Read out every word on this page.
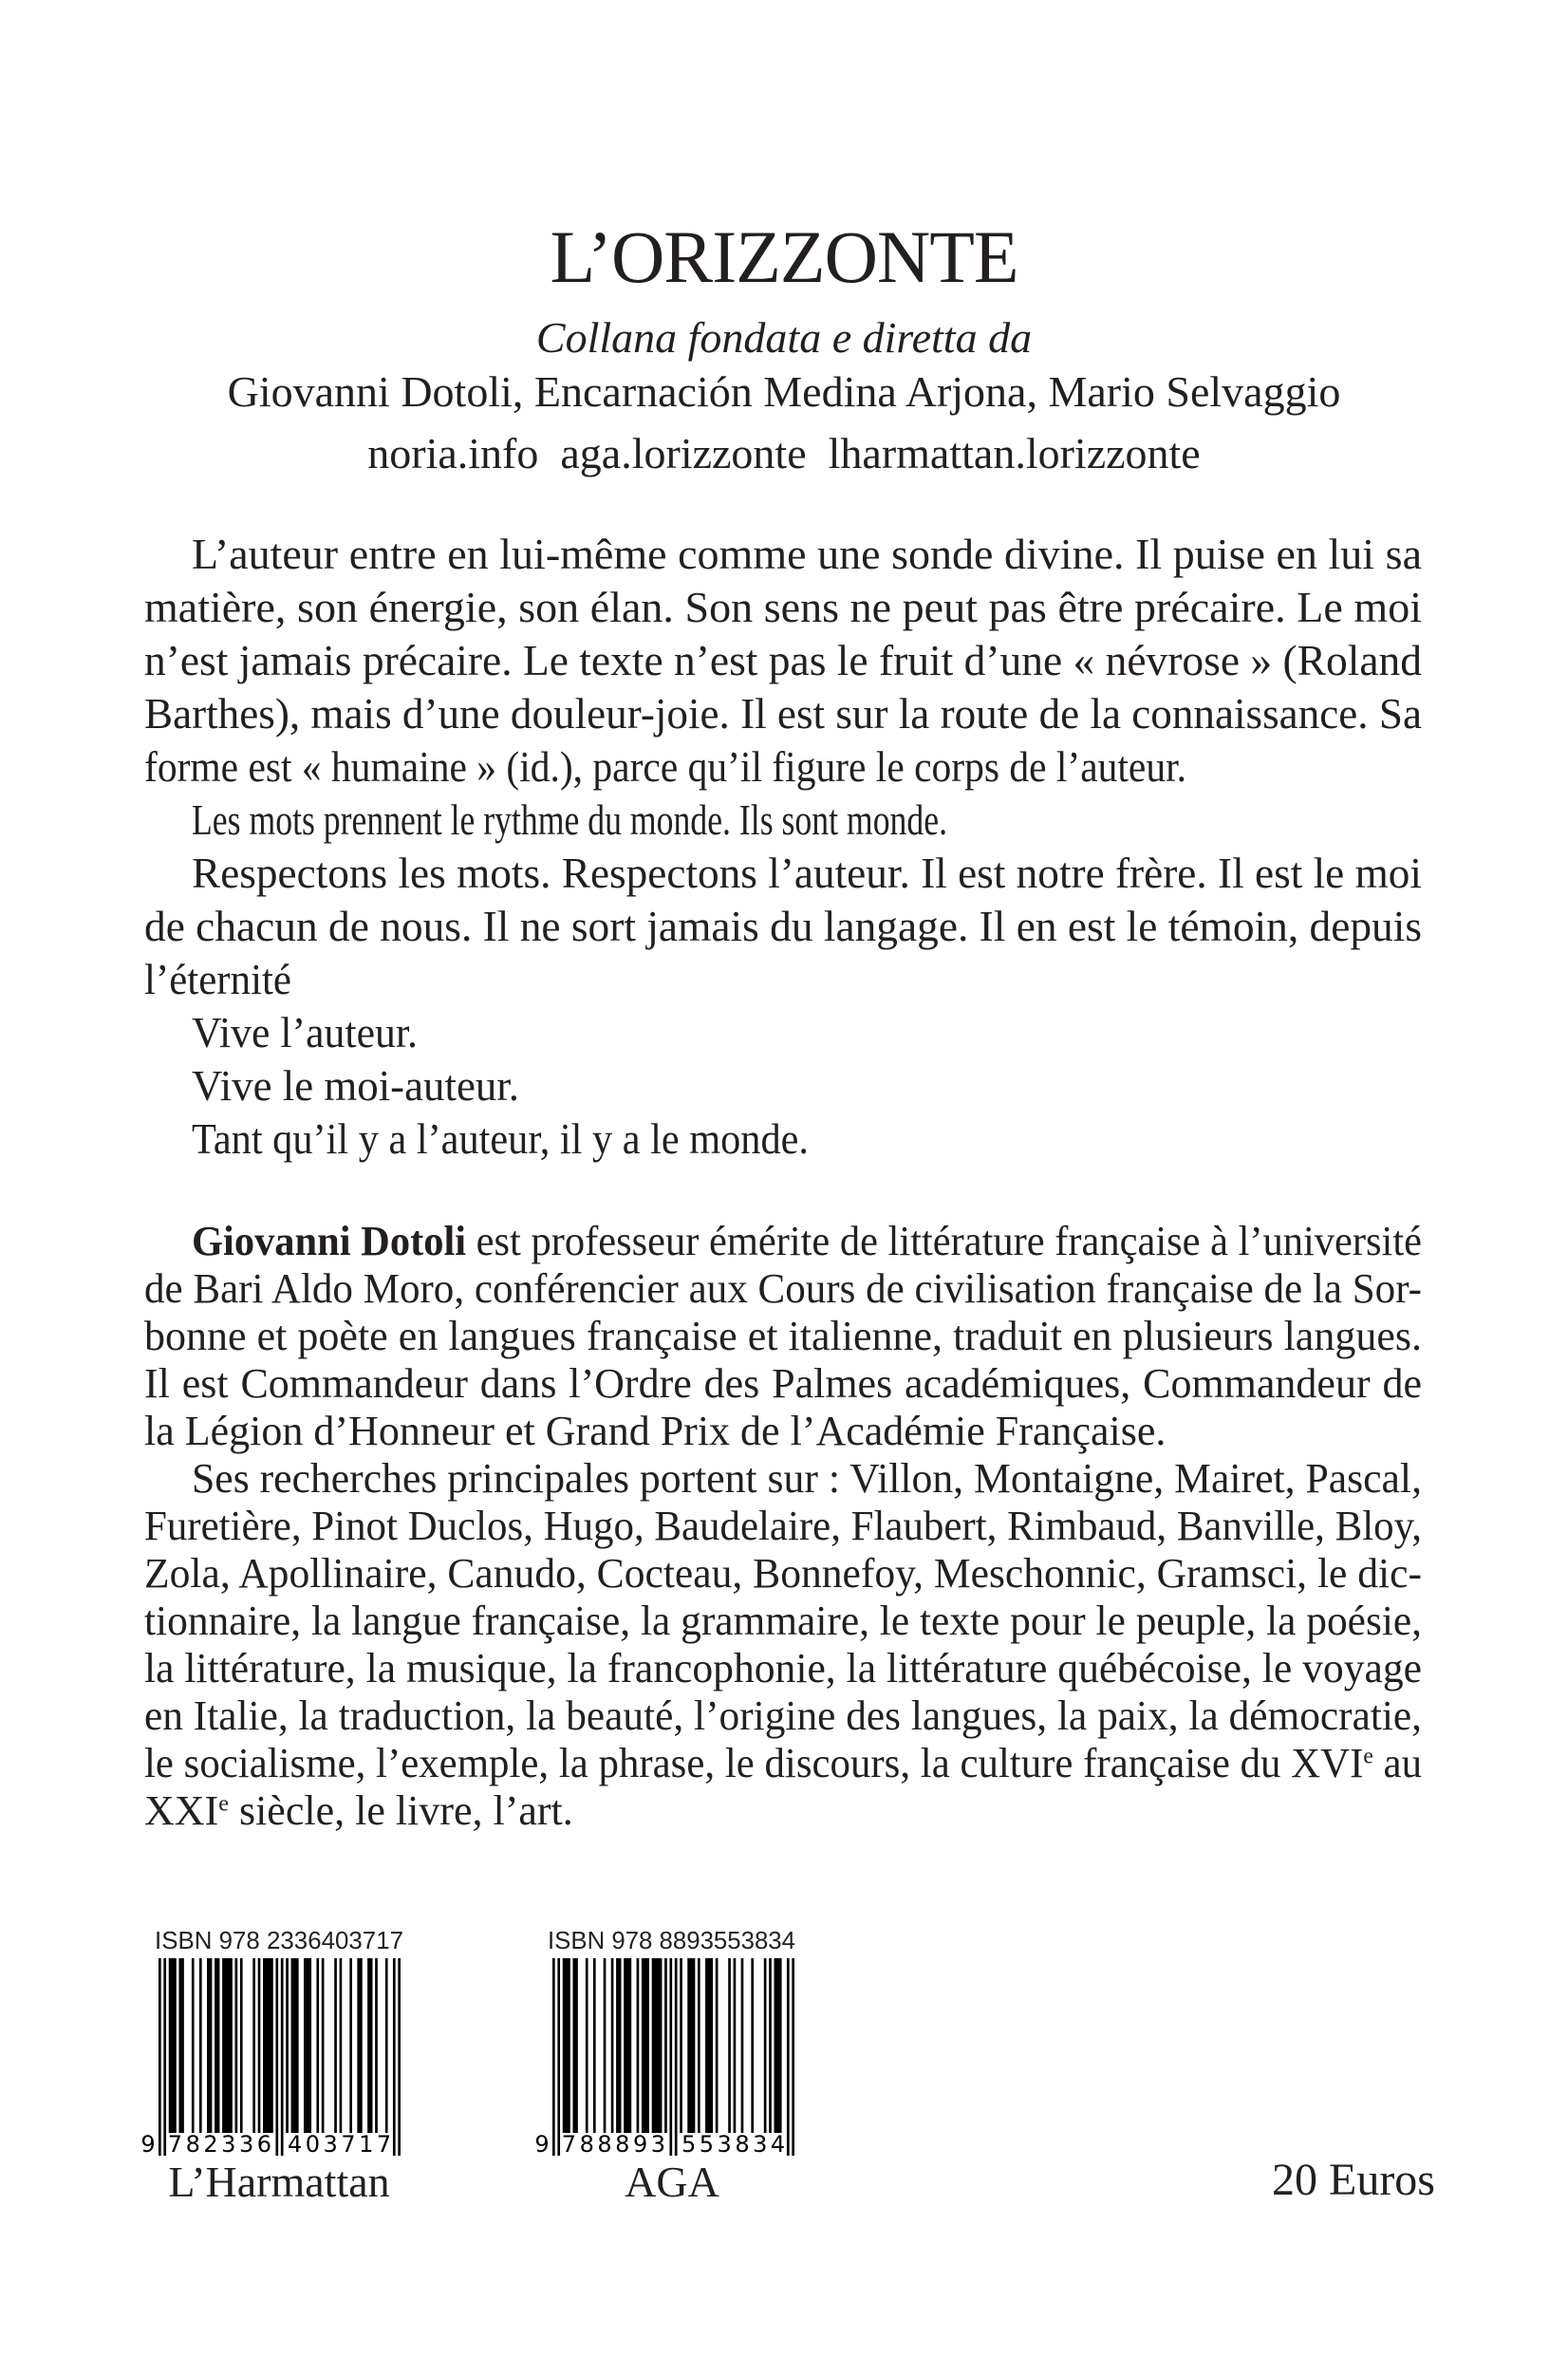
L’ORIZZONTE
Collana fondata e diretta da
Giovanni Dotoli, Encarnación Medina Arjona, Mario Selvaggio
noria.info  aga.lorizzonte  lharmattan.lorizzonte
L’auteur entre en lui-même comme une sonde divine. Il puise en lui sa
matière, son énergie, son élan. Son sens ne peut pas être précaire. Le moi
n’est jamais précaire. Le texte n’est pas le fruit d’une « névrose » (Roland
Barthes), mais d’une douleur-joie. Il est sur la route de la connaissance. Sa
forme est « humaine » (id.), parce qu’il figure le corps de l’auteur.
Les mots prennent le rythme du monde. Ils sont monde.
Respectons les mots. Respectons l’auteur. Il est notre frère. Il est le moi
de chacun de nous. Il ne sort jamais du langage. Il en est le témoin, depuis
l’éternité
Vive l’auteur.
Vive le moi-auteur.
Tant qu’il y a l’auteur, il y a le monde.
Giovanni Dotoli est professeur émérite de littérature française à l’université
de Bari Aldo Moro, conférencier aux Cours de civilisation française de la Sor-
bonne et poète en langues française et italienne, traduit en plusieurs langues.
Il est Commandeur dans l’Ordre des Palmes académiques, Commandeur de
la Légion d’Honneur et Grand Prix de l’Académie Française.
Ses recherches principales portent sur : Villon, Montaigne, Mairet, Pascal,
Furetière, Pinot Duclos, Hugo, Baudelaire, Flaubert, Rimbaud, Banville, Bloy,
Zola, Apollinaire, Canudo, Cocteau, Bonnefoy, Meschonnic, Gramsci, le dic-
tionnaire, la langue française, la grammaire, le texte pour le peuple, la poésie,
la littérature, la musique, la francophonie, la littérature québécoise, le voyage
en Italie, la traduction, la beauté, l’origine des langues, la paix, la démocratie,
le socialisme, l’exemple, la phrase, le discours, la culture française du XVIe au
XXIe siècle, le livre, l’art.
ISBN 978 2336403717
9 7 8 2 3 3 6 4 0 3 7 1 7
L’Harmattan
ISBN 978 8893553834
9 7 8 8 8 9 3 5 5 3 8 3 4
AGA	20 Euros
